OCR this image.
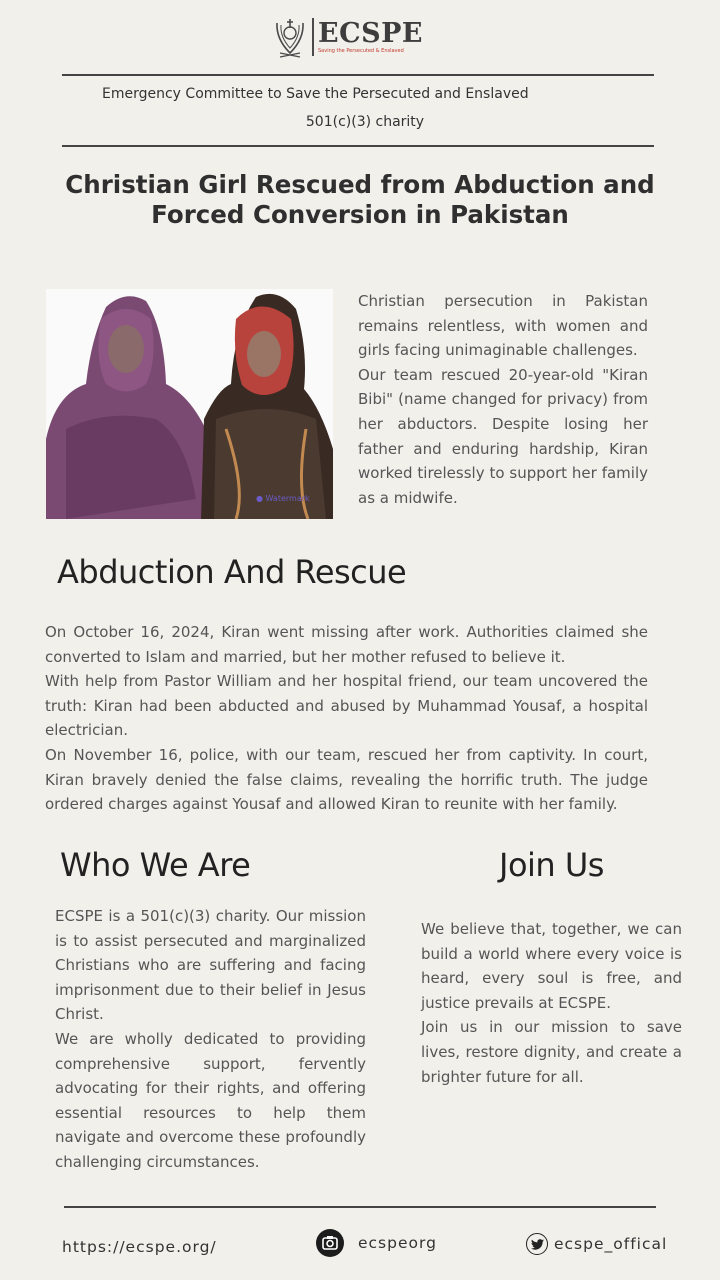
ECSPE
Saving the Persecuted & Enslaved
Emergency Committee to Save the Persecuted and Enslaved
501(c)(3) charity
Christian Girl Rescued from Abduction and Forced Conversion in Pakistan
● Watermark

Christian persecution in Pakistan remains relentless, with women and girls facing unimaginable challenges.

Our team rescued 20-year-old "Kiran Bibi" (name changed for privacy) from her abductors. Despite losing her father and enduring hardship, Kiran worked tirelessly to support her family as a midwife.

Abduction And Rescue

On October 16, 2024, Kiran went missing after work. Authorities claimed she converted to Islam and married, but her mother refused to believe it.

With help from Pastor William and her hospital friend, our team uncovered the truth: Kiran had been abducted and abused by Muhammad Yousaf, a hospital electrician.

On November 16, police, with our team, rescued her from captivity. In court, Kiran bravely denied the false claims, revealing the horrific truth. The judge ordered charges against Yousaf and allowed Kiran to reunite with her family.

Who We Are

ECSPE is a 501(c)(3) charity. Our mission is to assist persecuted and marginalized Christians who are suffering and facing imprisonment due to their belief in Jesus Christ.

We are wholly dedicated to providing comprehensive support, fervently advocating for their rights, and offering essential resources to help them navigate and overcome these profoundly challenging circumstances.

Join Us

We believe that, together, we can build a world where every voice is heard, every soul is free, and justice prevails at ECSPE.

Join us in our mission to save lives, restore dignity, and create a brighter future for all.

https://ecspe.org/	ecspeorg	ecspe_offical
